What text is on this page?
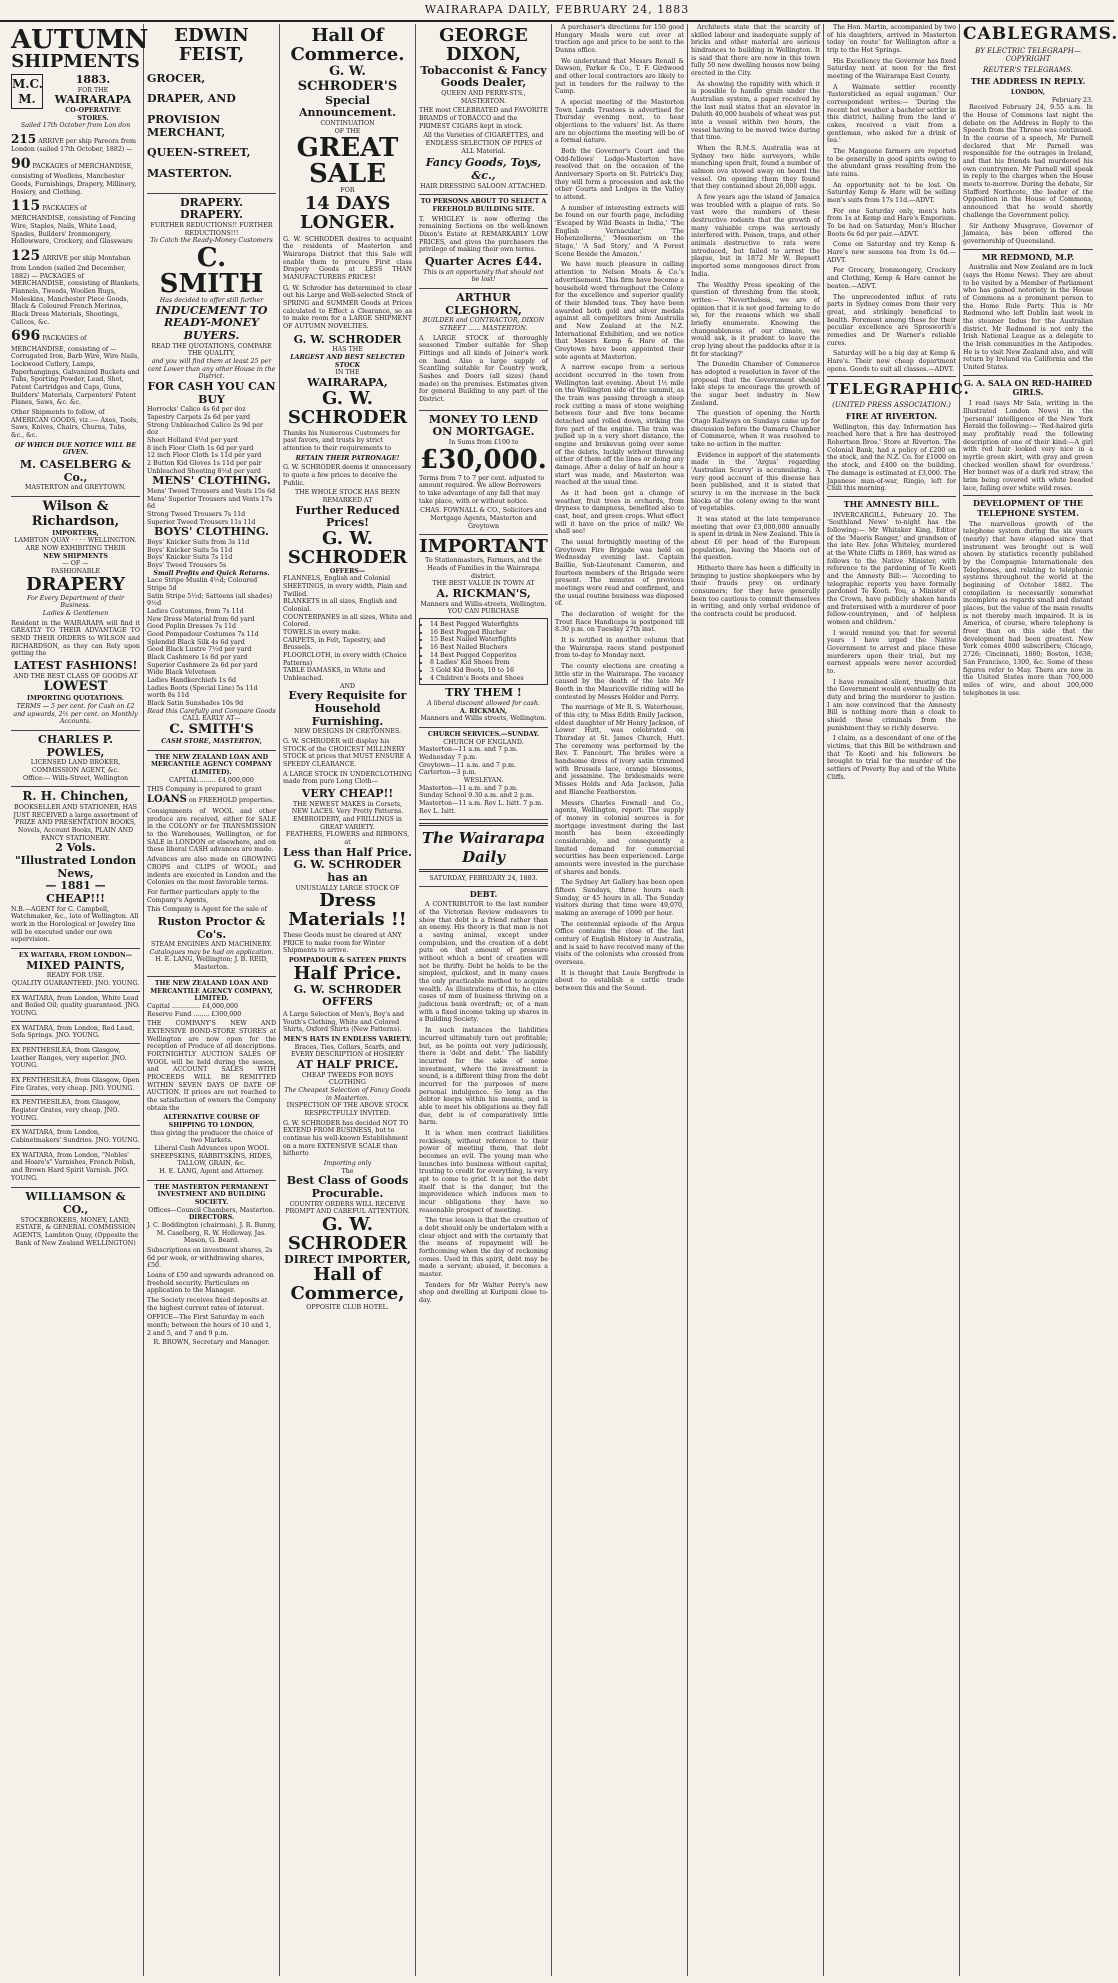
WAIRARAPA DAILY, FEBRUARY 24, 1883
AUTUMN
SHIPMENTS
M.C.
M.
1883.
FOR THE
WAIRARAPA
CO-OPERATIVE
STORES.
Sailed 17th October from Lon don

215 ARRIVE per ship Pareora from London (sailed 17th October, 1882) —

90 PACKAGES of MERCHANDISE, consisting of Woollens, Manchester Goods, Furnishings, Drapery, Millinery, Hosiery, and Clothing.

115 PACKAGES of MERCHANDISE, consisting of Fencing Wire, Staples, Nails, White Lead, Spades, Builders' Ironmongery, Hollowware, Crockery, and Glassware

125 ARRIVE per ship Montaban from London (sailed 2nd December, 1882) — PACKAGES of MERCHANDISE, consisting of Blankets, Flannels, Tweeds, Woollen Rugs, Moleskins, Manchester Piece Goods, Black & Coloured French Merinos, Black Dress Materials, Shootings, Calicos, &c.

696 PACKAGES of MERCHANDISE, consisting of — Corrugated Iron, Barb Wire, Wire Nails, Lockwood Cutlery, Lamps, Paperhangings, Galvanized Buckets and Tubs, Sporting Powder, Lead, Shot, Patent Cartridges and Caps, Guns, Builders' Materials, Carpenters' Patent Planes, Saws, &c. &c.

Other Shipments to follow, of AMERICAN GOODS, viz.:— Axes, Tools, Saws, Knives, Chairs, Churns, Tubs, &c., &c.

OF WHICH DUE NOTICE WILL BE GIVEN.

M. CASELBERG & Co.,
MASTERTON and GREYTOWN.
Wilson & Richardson,
IMPORTERS,
LAMBTON QUAY · · · · WELLINGTON.
ARE NOW EXHIBITING THEIR
NEW SHIPMENTS
— OF —
FASHIONABLE
DRAPERY
For Every Department of their Business.
Ladies & Gentlemen

Resident in the WAIRARAPA will find it GREATLY TO THEIR ADVANTAGE TO SEND THEIR ORDERS to WILSON and RICHARDSON, as they can Rely upon getting the

LATEST FASHIONS!
AND THE BEST CLASS OF GOODS AT
LOWEST
IMPORTING QUOTATIONS.
TERMS — 5 per cent. for Cash on £2 and upwards, 2½ per cent. on Monthly Accounts.
CHARLES P. POWLES,
LICENSED LAND BROKER, COMMISSION AGENT, &c.
Office:— Wills-Street, Wellington
R. H. Chinchen,
BOOKSELLER AND STATIONER, HAS JUST RECEIVED a large assortment of PRIZE AND PRESENTATION BOOKS, Novels, Account Books, PLAIN AND FANCY STATIONERY.
2 Vols.
"Illustrated London News,
— 1881 —
CHEAP!!!
N.B.—AGENT for C. Campbell, Watchmaker, &c., late of Wellington. All work in the Horological or Jewelry line will be executed under our own supervision.
EX WAITARA, FROM LONDON—
MIXED PAINTS,
READY FOR USE.
QUALITY GUARANTEED. JNO. YOUNG.

EX WAITARA, from London, White Lead and Boiled Oil; quality guaranteed. JNO. YOUNG.

EX WAITARA, from London, Red Lead, Sofa Springs. JNO. YOUNG.

EX PENTHESILEA, from Glasgow, Leather Ranges, very superior. JNO. YOUNG.

EX PENTHESILEA, from Glasgow, Open Fire Grates, very cheap. JNO. YOUNG.

EX PENTHESILEA, from Glasgow, Register Grates, very cheap. JNO. YOUNG.

EX WAITARA, from London, Cabinetmakers' Sundries. JNO. YOUNG.

EX WAITARA, from London, "Nobles' and Hoare's" Varnishes, French Polish, and Brown Hard Spirit Varnish. JNO. YOUNG.

WILLIAMSON & CO.,
STOCKBROKERS, MONEY, LAND, ESTATE, & GENERAL COMMISSION AGENTS, Lambton Quay, (Opposite the Bank of New Zealand WELLINGTON)
EDWIN FEIST,
GROCER,
DRAPER, AND
PROVISION MERCHANT,
QUEEN-STREET,
MASTERTON.
DRAPERY. DRAPERY.
FURTHER REDUCTIONS!! FURTHER REDUCTIONS!!!
To Catch the Ready-Money Customers
C. SMITH
Has decided to offer still further
INDUCEMENT TO
READY-MONEY BUYERS.
READ THE QUOTATIONS, COMPARE THE QUALITY,
and you will find them at least 25 per cent Lower than any other House in the District.
FOR CASH YOU CAN BUY
Horrocks' Calico 4s 6d per doz
Tapestry Carpets 2s 6d per yard
Strong Unbleached Calico 2s 9d per doz
Sheet Holland 4½d per yard
8 inch Floor Cloth 1s 6d per yard
12 inch Floor Cloth 1s 11d per yard
2 Button Kid Gloves 1s 11d per pair
Unbleached Sheeting 8½d per yard
MENS' CLOTHING.
Mens' Tweed Trousers and Vests 15s 6d
Mens' Superior Trousers and Vests 17s 6d
Strong Tweed Trousers 7s 11d
Superior Tweed Trousers 11s 11d
BOYS' CLOTHING.
Boys' Knicker Suits from 3s 11d
Boys' Knicker Suits 5s 11d
Boys' Knicker Suits 7s 11d
Boys' Tweed Trousers 5s
Small Profits and Quick Returns.
Lace Stripe Muslin 4½d; Coloured Stripe 5d
Satin Stripe 5½d; Satteens (all shades) 9½d
Ladies Costumes, from 7s 11d
New Dress Material from 6d yard
Good Poplin Dresses 7s 11d
Good Pompadour Costumes 7s 11d
Splendid Black Silk 4s 6d yard
Good Black Lustre 7½d per yard
Black Cashmere 1s 6d per yard
Superior Cashmere 2s 6d per yard
Wide Black Velveteen
Ladies Handkerchiefs 1s 6d
Ladies Boots (Special Line) 5s 11d worth 8s 11d
Black Satin Sunshades 10s 9d
Read this Carefully and Compare Goods
CALL EARLY AT—
C. SMITH'S
CASH STORE, MASTERTON,
THE NEW ZEALAND LOAN AND MERCANTILE AGENCY COMPANY (LIMITED).
CAPITAL ........ £4,000,000

THIS Company is prepared to grant LOANS on FREEHOLD properties.

Consignments of WOOL and other produce are received, either for SALE in the COLONY or for TRANSMISSION to the Warehouses, Wellington, or for SALE in LONDON or elsewhere, and on these liberal CASH advances are made.

Advances are also made on GROWING CROPS and CLIPS of WOOL; and indents are executed in London and the Colonies on the most favorable terms.

For further particulars apply to the Company's Agents,

This Company is Agent for the sale of

Ruston Proctor & Co's.
STEAM ENGINES AND MACHINERY.
Catalogues may be had on application.
H. E. LANG, Wellington; J. B. REID, Masterton.
THE NEW ZEALAND LOAN AND MERCANTILE AGENCY COMPANY, LIMITED.
Capital .............. £4,000,000
Reserve Fund ........ £300,000

THE COMPANY'S NEW AND EXTENSIVE BOND-STORE STORES at Wellington are now open for the reception of Produce of all descriptions. FORTNIGHTLY AUCTION SALES OF WOOL will be held during the season, and ACCOUNT SALES WITH PROCEEDS WILL BE REMITTED WITHIN SEVEN DAYS OF DATE OF AUCTION. If prices are not reached to the satisfaction of owners the Company obtain the

ALTERNATIVE COURSE OF SHIPPING TO LONDON,
thus giving the producer the choice of two Markets.
Liberal Cash Advances upon WOOL SHEEPSKINS, RABBITSKINS, HIDES, TALLOW, GRAIN, &c.
H. E. LANG, Agent and Attorney.
THE MASTERTON PERMANENT INVESTMENT AND BUILDING SOCIETY.
Offices—Council Chambers, Masterton.
DIRECTORS.
J. C. Boddington (chairman), J. R. Bunny, M. Caselberg, R. W. Holloway, Jas. Mason, G. Beard.

Subscriptions on investment shares, 2s 6d per week, or withdrawing shares, £50.

Loans of £50 and upwards advanced on freehold security. Particulars on application to the Manager.

The Society receives fixed deposits at the highest current rates of interest.

OFFICE—The First Saturday in each month; between the hours of 10 and 1, 2 and 5, and 7 and 9 p.m.

R. BROWN, Secretary and Manager.
Hall Of Commerce.
G. W. SCHRODER'S
Special Announcement.
CONTINUATION
OF THE
GREAT SALE
FOR
14 DAYS LONGER.

G. W. SCHRODER desires to acquaint the residents of Masterton and Wairarapa District that this Sale will enable them to procure First class Drapery Goods at LESS THAN MANUFACTURERS PRICES!

G. W. Schroder has determined to clear out his Large and Well-selected Stock of SPRING and SUMMER Goods at Prices calculated to Effect a Clearance, so as to make room for a LARGE SHIPMENT OF AUTUMN NOVELTIES.

G. W. SCHRODER
HAS THE
LARGEST AND BEST SELECTED STOCK
IN THE
WAIRARAPA,
G. W. SCHRODER

Thanks his Numerous Customers for past favors, and trusts by strict attention to their requirements to

RETAIN THEIR PATRONAGE!

G. W. SCHRODER deems it unnecessary to quote a few prices to deceive the Public.

THE WHOLE STOCK HAS BEEN REMARKED AT
Further Reduced Prices!
G. W. SCHRODER
OFFERS—
FLANNELS, English and Colonial SHEETINGS, in every width, Plain and Twilled.
BLANKETS in all sizes, English and Colonial.
COUNTERPANES in all sizes, White and Colored.
TOWELS in every make.
CARPETS, in Felt, Tapestry, and Brussels.
FLOORCLOTH, in every width (Choice Patterns)
TABLE DAMASKS, in White and Unbleached.
AND
Every Requisite for Household Furnishing.
NEW DESIGNS IN CRETONNES.

G. W. SCHRODER will display his STOCK of the CHOICEST MILLINERY STOCK at prices that MUST ENSURE A SPEEDY CLEARANCE.

A LARGE STOCK IN UNDERCLOTHING made from pure Long Cloth—

VERY CHEAP!!
THE NEWEST MAKES in Corsets,
NEW LACES. Very Pretty Patterns.
EMBROIDERY, and FRILLINGS in GREAT VARIETY.
FEATHERS, FLOWERS and RIBBONS, at
Less than Half Price.
G. W. SCHRODER has an
UNUSUALLY LARGE STOCK OF
Dress Materials !!

These Goods must be cleared at ANY PRICE to make room for Winter Shipments to arrive.

POMPADOUR & SATEEN PRINTS
Half Price.
G. W. SCHRODER OFFERS

A Large Selection of Men's, Boy's and Youth's Clothing, White and Colored Shirts, Oxford Shirts (New Patterns).

MEN'S HATS IN ENDLESS VARIETY.
Braces, Ties, Collars, Scarfs, and EVERY DESCRIPTION of HOSIERY
AT HALF PRICE.
CHEAP TWEEDS FOR BOYS CLOTHING
The Cheapest Selection of Fancy Goods in Masterton.
INSPECTION OF THE ABOVE STOCK RESPECTFULLY INVITED.

G. W. SCHRODER has decided NOT TO EXTEND FROM BUSINESS, but to continue his well-known Establishment on a more EXTENSIVE SCALE than hitherto

Importing only
The
Best Class of Goods Procurable.
COUNTRY ORDERS WILL RECEIVE PROMPT AND CAREFUL ATTENTION.
G. W. SCHRODER
DIRECT IMPORTER,
Hall of Commerce,
OPPOSITE CLUB HOTEL.
GEORGE DIXON,
Tobacconist & Fancy Goods Dealer,
QUEEN AND PERRY-STS., MASTERTON.

THE most CELEBRATED and FAVORITE BRANDS of TOBACCO and the PRIMEST CIGARS kept in stock.

All the Varieties of CIGARETTES, and ENDLESS SELECTION OF PIPES of ALL Material.

Fancy Goods, Toys, &c.,
HAIR DRESSING SALOON ATTACHED.
TO PERSONS ABOUT TO SELECT A FREEHOLD BUILDING SITE.

T. WHIGLEY is now offering the remaining Sections on the well-known Dixon's Estate at REMARKABLY LOW PRICES, and gives the purchasers the privilege of making their own terms.

Quarter Acres £44.
This is an opportunity that should not be lost!
ARTHUR CLEGHORN,
BUILDER and CONTRACTOR, DIXON STREET ...... MASTERTON.

A LARGE STOCK of thoroughly seasoned Timber suitable for Shop Fittings and all kinds of Joiner's work on hand. Also a large supply of Scantling suitable for Country work, Sashes and Doors (all sizes) (hand made) on the premises. Estimates given for general Building to any part of the District.

MONEY TO LEND ON MORTGAGE.
In Sums from £100 to
£30,000.

Terms from 7 to 7 per cent. adjusted to amount required. We allow Borrowers to take advantage of any fall that may take place, with or without notice.

CHAS. FOWNALL & CO., Solicitors and Mortgage Agents, Masterton and Greytown
IMPORTANT
To Stationmasters, Farmers, and the Heads of Families in the Wairarapa district.
THE BEST VALUE IN TOWN AT
A. RICKMAN'S,
Manners and Willis-streets, Wellington.
YOU CAN PURCHASE
• 14 Best Pegged Waterfights
• 16 Best Pegged Blucher
• 15 Best Nailed Waterfights
• 16 Best Nailed Bluchers
• 14 Best Pegged Copperitos
• 8 Ladies' Kid Shoes from
• 3 Gold Kid Boots, 10 to 16
• 4 Children's Boots and Shoes
TRY THEM !
A liberal discount allowed for cash.
A. RICKMAN,
Manners and Willis streets, Wellington.
CHURCH SERVICES.—SUNDAY.
CHURCH OF ENGLAND.
Masterton—11 a.m. and 7 p.m.
Wednesday 7 p.m.
Greytown—11 a.m. and 7 p.m.
Carterton—3 p.m.
WESLEYAN.
Masterton—11 a.m. and 7 p.m.
Sunday School 9.30 a.m. and 2 p.m.
Masterton—11 a.m. Rev L. Isitt. 7 p.m. Rev L. Isitt.
The Wairarapa Daily
SATURDAY, FEBRUARY 24, 1883.
DEBT.

A CONTRIBUTOR to the last number of the Victorian Review endeavors to show that debt is a friend rather than an enemy. His theory is that man is not a saving animal, except under compulsion, and the creation of a debt puts on that amount of pressure without which a bent of creation will not be thrifty. Debt he holds to be the simplest, quickest, and in many cases the only practicable method to acquire wealth. As illustrations of this, he cites cases of men of business thriving on a judicious bank overdraft; or, of a man with a fixed income taking up shares in a Building Society.

In such instances the liabilities incurred ultimately turn out profitable; but, as he points out very judiciously, there is 'debt and debt.' The liability incurred for the sake of some investment, where the investment is sound, is a different thing from the debt incurred for the purposes of mere personal indulgence. So long as the debtor keeps within his means, and is able to meet his obligations as they fall due, debt is of comparatively little harm.

It is when men contract liabilities recklessly, without reference to their power of meeting them, that debt becomes an evil. The young man who launches into business without capital, trusting to credit for everything, is very apt to come to grief. It is not the debt itself that is the danger, but the improvidence which induces men to incur obligations they have no reasonable prospect of meeting.

The true lesson is that the creation of a debt should only be undertaken with a clear object and with the certainty that the means of repayment will be forthcoming when the day of reckoning comes. Used in this spirit, debt may be made a servant; abused, it becomes a master.

Tenders for Mr Walter Perry's new shop and dwelling at Kuripuni close to-day.

A purchaser's directions for 150 good Hungary Meals were cut over at traction age and price to be sent to the Dunns office.

We understand that Messrs Renall & Dawson, Parker & Co., T. F. Girdwood and other local contractors are likely to put in tenders for the railway to the Camp.

A special meeting of the Masterton Town Lands Trustees is advertised for Thursday evening next, to hear objections to the valuers' list. As there are no objections the meeting will be of a formal nature.

Both the Governor's Court and the Odd-fellows' Lodge-Masterton have resolved that on the occasion of the Anniversary Sports on St. Patrick's Day, they will form a procession and ask the other Courts and Lodges in the Valley to attend.

A number of interesting extracts will be found on our fourth page, including 'Escaped by Wild Beasts in India,' 'The English Vernacular,' 'The Hohenzollerns,' 'Mesmerism on the Stage,' 'A Sad Story,' and 'A Forest Scene Beside the Amazon.'

We have much pleasure in calling attention to Nelson Moats & Co.'s advertisement. This firm have become a household word throughout the Colony for the excellence and superior quality of their blended teas. They have been awarded both gold and silver medals against all competitors from Australia and New Zealand at the N.Z. International Exhibition, and we notice that Messrs Kemp & Hare of the Greytown have been appointed their sole agents at Masterton.

A narrow escape from a serious accident occurred in the town from Wellington last evening. About 1½ mile on the Wellington side of the summit, as the train was passing through a steep rock cutting a mass of stone weighing between four and five tons became detached and rolled down, striking the fore part of the engine. The train was pulled up in a very short distance, the engine and brakevan going over some of the debris, luckily without throwing either of them off the lines or doing any damage. After a delay of half an hour a start was made, and Masterton was reached at the usual time.

As it had been got a change of weather, fruit trees in orchards, from dryness to dampness, benefited also to cast, heat, and green crops. What effect will it have on the price of milk? We shall see!

The usual fortnightly meeting of the Greytown Fire Brigade was held on Wednesday evening last. Captain Baillie, Sub-Lieutenant Cameron, and fourteen members of the Brigade were present. The minutes of previous meetings were read and confirmed, and the usual routine business was disposed of.

The declaration of weight for the Trout Race Handicaps is postponed till 8.30 p.m. on Tuesday 27th inst.

It is notified in another column that the Wairarapa races stand postponed from to-day to Monday next.

The county elections are creating a little stir in the Wairarapa. The vacancy caused by the death of the late Mr Booth in the Mauriceville riding will be contested by Messrs Holder and Perry.

The marriage of Mr R. S. Waterhouse, of this city, to Miss Edith Emily Jackson, eldest daughter of Mr Henry Jackson, of Lower Hutt, was celebrated on Thursday at St. James Church, Hutt. The ceremony was performed by the Rev. T. Fancourt. The brides were a handsome dress of ivory satin trimmed with Brussels lace, orange blossoms, and jessamine. The bridesmaids were Misses Holds and Ada Jackson, Julia and Blanche Featherston.

Messrs Charles Fownall and Co., agents, Wellington, report: The supply of money in colonial sources is for mortgage investment during the last month has been exceedingly considerable, and consequently a limited demand for commercial securities has been experienced. Large amounts were invested in the purchase of shares and bonds.

The Sydney Art Gallery has been open fifteen Sundays, three hours each Sunday, or 45 hours in all. The Sunday visitors during that time were 49,070, making an average of 1090 per hour.

The centennial episode of the Argus Office contains the close of the last century of English History in Australia, and is said to have received many of the visits of the colonists who crossed from overseas.

It is thought that Louis Bergfrode is about to establish a cattle trade between this and the Sound.

Architects state that the scarcity of skilled labour and inadequate supply of bricks and other material are serious hindrances to building in Wellington. It is said that there are now in this town fully 50 new dwelling houses now being erected in the City.

As showing the rapidity with which it is possible to handle grain under the Australian system, a paper received by the last mail states that an elevator in Duluth 40,000 bushels of wheat was put into a vessel within two hours, the vessel having to be moved twice during that time.

When the R.M.S. Australia was at Sydney two hide surveyors, while munching upon fruit, found a number of salmon ova stowed away on board the vessel. On opening them they found that they contained about 26,000 eggs.

A few years ago the island of Jamaica was troubled with a plague of rats. So vast were the numbers of these destructive rodents that the growth of many valuable crops was seriously interfered with. Poison, traps, and other animals destructive to rats were introduced, but failed to arrest the plague, but in 1872 Mr W. Bepsett imported some mongooses direct from India.

The Wealthy Press speaking of the question of threshing from the stook, writes:— 'Nevertheless, we are of opinion that it is not good farming to do so, for the reasons which we shall briefly enumerate. Knowing the changeableness of our climate, we would ask, is it prudent to leave the crop lying about the paddocks after it is fit for stacking?'

The Dunedin Chamber of Commerce has adopted a resolution in favor of the proposal that the Government should take steps to encourage the growth of the sugar beet industry in New Zealand.

The question of opening the North Otago Railways on Sundays came up for discussion before the Oamaru Chamber of Commerce, when it was resolved to take no action in the matter.

Evidence in support of the statements made in the 'Argus' regarding 'Australian Scurvy' is accumulating. A very good account of this disease has been published, and it is stated that scurvy is on the increase in the back blocks of the colony owing to the want of vegetables.

It was stated at the late temperance meeting that over £3,000,000 annually is spent in drink in New Zealand. This is about £6 per head of the European population, leaving the Maoris out of the question.

Hitherto there has been a difficulty in bringing to justice shopkeepers who by their frauds prey on ordinary consumers; for they have generally been too cautious to commit themselves in writing, and only verbal evidence of the contracts could be produced.

The Hon. Martin, accompanied by two of his daughters, arrived in Masterton today 'en route' for Wellington after a trip to the Hot Springs.

His Excellency the Governor has fixed Saturday next at noon for the first meeting of the Wairarapa East County.

A Waimate settler recently 'fustersticked as equal sugaman.' Our correspondent writes:— 'During the recent hot weather a bachelor settler in this district, hailing from the land o' cakes, received a visit from a gentleman, who asked for a drink of tea.'

The Mangaone farmers are reported to be generally in good spirits owing to the abundant grass resulting from the late rains.

An opportunity not to be lost. On Saturday Kemp & Hare will be selling men's suits from 17s 11d.—ADVT.

For one Saturday only, men's hats from 1s at Kemp and Hare's Emporium. To be had on Saturday, Men's Blucher Boots 6s 6d per pair.—ADVT.

Come on Saturday and try Kemp & Hare's new seasons tea from 1s 6d.—ADVT.

For Grocery, Ironmongery, Crockery and Clothing, Kemp & Hare cannot be beaten.—ADVT.

The unprecedented influx of rats parts in Sydney comes from their very great, and strikingly beneficial to health. Foremost among these for their peculiar excellence are Sprosworth's remedies and Dr Warner's reliable cures.

Saturday will be a big day at Kemp & Hare's. Their new cheap department opens. Goods to suit all classes.—ADVT.

TELEGRAPHIC.
(UNITED PRESS ASSOCIATION.)
FIRE AT RIVERTON.

Wellington, this day. Information has reached here that a fire has destroyed Robertson Bros.' Store at Riverton. The Colonial Bank, had a policy of £200 on the stock, and the N.Z. Co. for £1000 on the stock, and £400 on the building. The damage is estimated at £3,000. The Japanese man-of-war, Ringio, left for Chili this morning.

THE AMNESTY BILL.

INVERCARGILL, February 20. The 'Southland News' to-night has the following:— Mr Whitaker King, Editor of the 'Maoris Ranger,' and grandson of the late Rev. John Whiteley, murdered at the White Cliffs in 1869, has wired as follows to the Native Minister, with reference to the pardoning of Te Kooti and the Amnesty Bill:— 'According to telegraphic reports you have formally pardoned Te Kooti. You, a Minister of the Crown, have publicly shaken hands and fraternised with a murderer of poor fellow-countrymen, and of helpless women and children.'

I would remind you that for several years I have urged the Native Government to arrest and place these murderers upon their trial, but my earnest appeals were never accorded to.

I have remained silent, trusting that the Government would eventually do its duty and bring the murderer to justice. I am now convinced that the Amnesty Bill is nothing more than a cloak to shield these criminals from the punishment they so richly deserve.

I claim, as a descendant of one of the victims, that this Bill be withdrawn and that Te Kooti and his followers be brought to trial for the murder of the settlers of Poverty Bay and of the White Cliffs.

CABLEGRAMS.
BY ELECTRIC TELEGRAPH—COPYRIGHT
REUTER'S TELEGRAMS.
THE ADDRESS IN REPLY.
LONDON,
February 23.

Received February 24, 9.55 a.m. In the House of Commons last night the debate on the Address in Reply to the Speech from the Throne was continued. In the course of a speech, Mr Parnell declared that Mr Parnell was responsible for the outrages in Ireland, and that his friends had murdered his own countrymen. Mr Parnell will speak in reply to the charges when the House meets to-morrow. During the debate, Sir Stafford Northcote, the leader of the Opposition in the House of Commons, announced that he would shortly challenge the Government policy.

Sir Anthony Musgrave, Governor of Jamaica, has been offered the governorship of Queensland.

MR REDMOND, M.P.

Australia and New Zealand are in luck (says the Home News). They are about to be visited by a Member of Parliament who has gained notoriety in the House of Commons as a prominent person to the Home Rule Party. This is Mr Redmond who left Dublin last week in the steamer Indus for the Australian district. Mr Redmond is not only the Irish National League as a delegate to the Irish communities in the Antipodes. He is to visit New Zealand also, and will return by Ireland via California and the United States.

G. A. SALA ON RED-HAIRED GIRLS.

I read (says Mr Sala, writing in the Illustrated London News) in the 'personal' intelligence of the New York Herald the following:— 'Red-haired girls may profitably read the following description of one of their kind:—A girl with red hair looked very nice in a myrtle green skirt, with gray and green checked woollen shawl for overdress.' Her bonnet was of a dark red straw, the brim being covered with white beaded lace, falling over white wild roses.

DEVELOPMENT OF THE TELEPHONE SYSTEM.

The marvellous growth of the telephone system during the six years (nearly) that have elapsed since that instrument was brought out is well shown by statistics recently published by the Compagnie Internationale des Telephones, and relating to telephonic systems throughout the world at the beginning of October 1882. The compilation is necessarily somewhat incomplete as regards small and distant places, but the value of the main results is not thereby much impaired. It is in America, of course, where telephony is freer than on this side that the development had been greatest. New York comes 4000 subscribers; Chicago, 2726; Cincinnati, 1880; Boston, 1638; San Francisco, 1300, &c. Some of these figures refer to May. There are now in the United States more than 700,000 miles of wire, and about 200,000 telephones in use.
